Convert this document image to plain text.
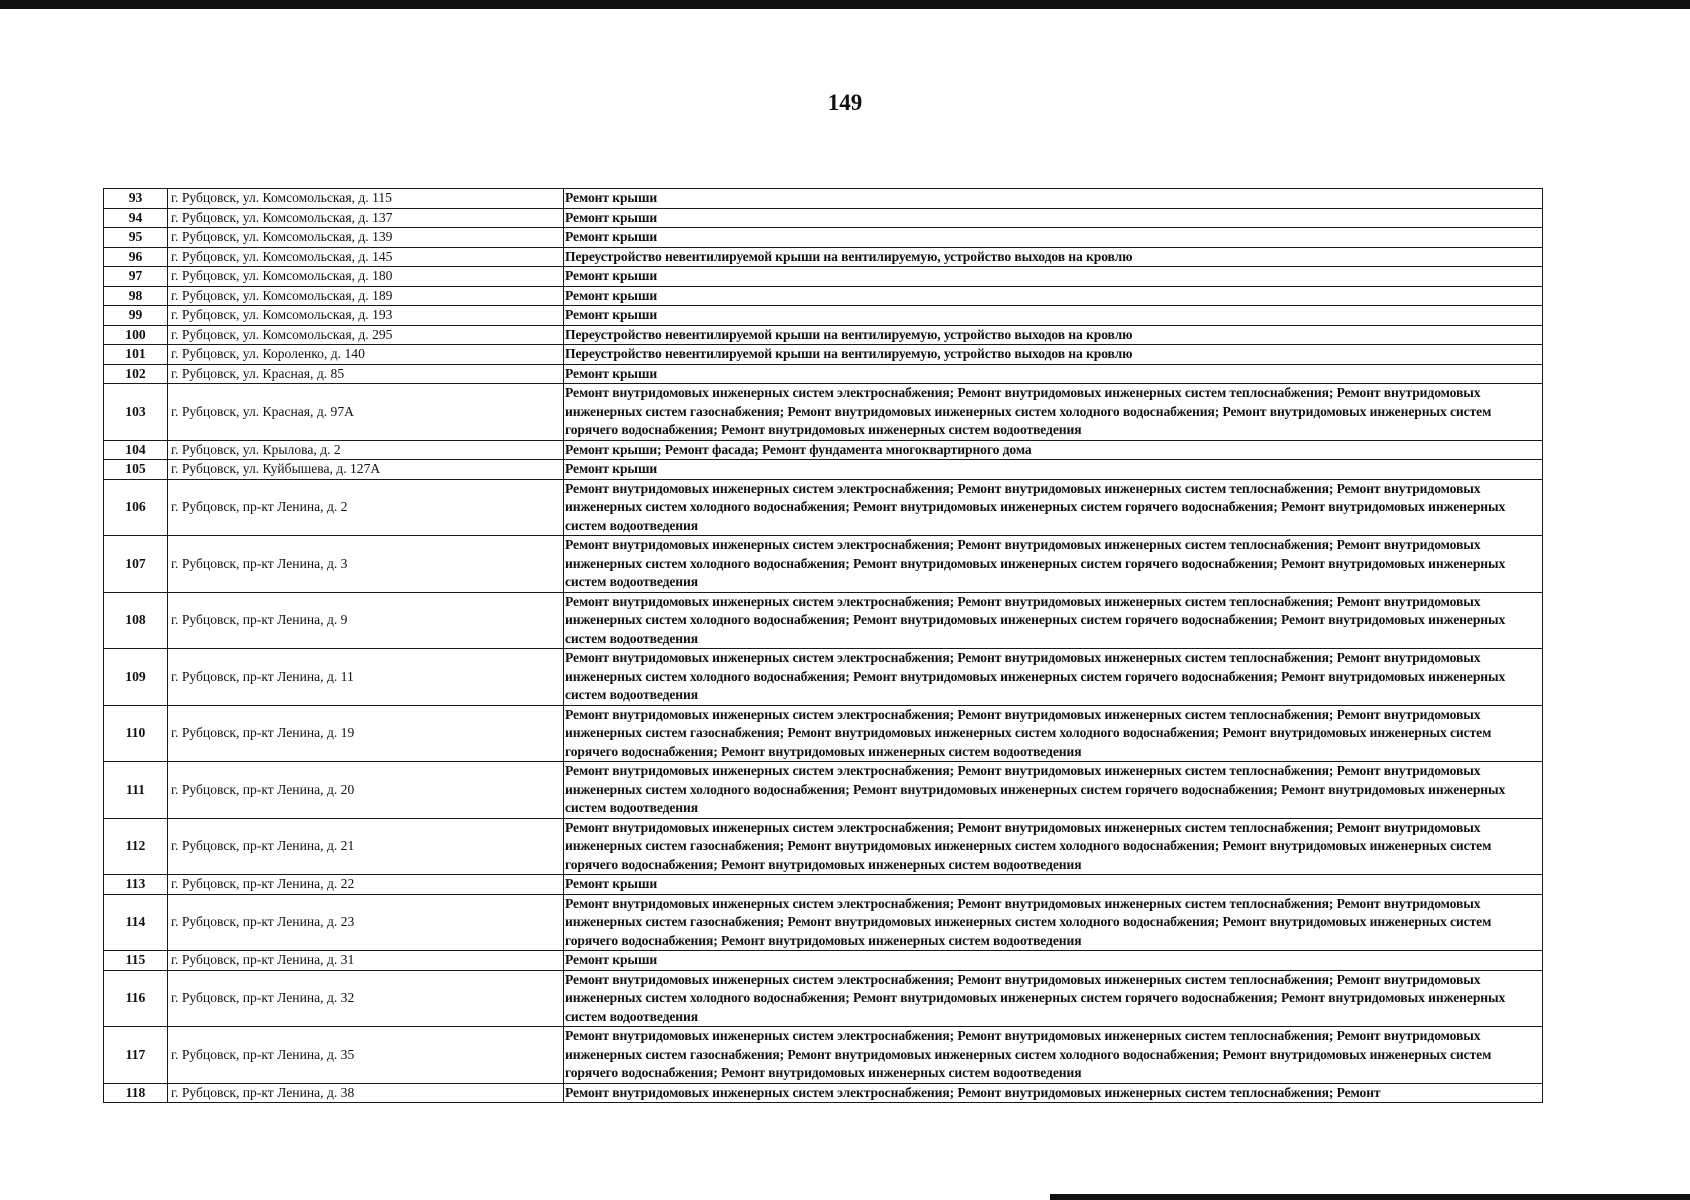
149
93	г. Рубцовск, ул. Комсомольская, д. 115	Ремонт крыши
94	г. Рубцовск, ул. Комсомольская, д. 137	Ремонт крыши
95	г. Рубцовск, ул. Комсомольская, д. 139	Ремонт крыши
96	г. Рубцовск, ул. Комсомольская, д. 145	Переустройство невентилируемой крыши на вентилируемую, устройство выходов на кровлю
97	г. Рубцовск, ул. Комсомольская, д. 180	Ремонт крыши
98	г. Рубцовск, ул. Комсомольская, д. 189	Ремонт крыши
99	г. Рубцовск, ул. Комсомольская, д. 193	Ремонт крыши
100	г. Рубцовск, ул. Комсомольская, д. 295	Переустройство невентилируемой крыши на вентилируемую, устройство выходов на кровлю
101	г. Рубцовск, ул. Короленко, д. 140	Переустройство невентилируемой крыши на вентилируемую, устройство выходов на кровлю
102	г. Рубцовск, ул. Красная, д. 85	Ремонт крыши
103	г. Рубцовск, ул. Красная, д. 97А	Ремонт внутридомовых инженерных систем электроснабжения; Ремонт внутридомовых инженерных систем теплоснабжения; Ремонт внутридомовых инженерных систем газоснабжения; Ремонт внутридомовых инженерных систем холодного водоснабжения; Ремонт внутридомовых инженерных систем горячего водоснабжения; Ремонт внутридомовых инженерных систем водоотведения
104	г. Рубцовск, ул. Крылова, д. 2	Ремонт крыши; Ремонт фасада; Ремонт фундамента многоквартирного дома
105	г. Рубцовск, ул. Куйбышева, д. 127А	Ремонт крыши
106	г. Рубцовск, пр-кт Ленина, д. 2	Ремонт внутридомовых инженерных систем электроснабжения; Ремонт внутридомовых инженерных систем теплоснабжения; Ремонт внутридомовых инженерных систем холодного водоснабжения; Ремонт внутридомовых инженерных систем горячего водоснабжения; Ремонт внутридомовых инженерных систем водоотведения
107	г. Рубцовск, пр-кт Ленина, д. 3	Ремонт внутридомовых инженерных систем электроснабжения; Ремонт внутридомовых инженерных систем теплоснабжения; Ремонт внутридомовых инженерных систем холодного водоснабжения; Ремонт внутридомовых инженерных систем горячего водоснабжения; Ремонт внутридомовых инженерных систем водоотведения
108	г. Рубцовск, пр-кт Ленина, д. 9	Ремонт внутридомовых инженерных систем электроснабжения; Ремонт внутридомовых инженерных систем теплоснабжения; Ремонт внутридомовых инженерных систем холодного водоснабжения; Ремонт внутридомовых инженерных систем горячего водоснабжения; Ремонт внутридомовых инженерных систем водоотведения
109	г. Рубцовск, пр-кт Ленина, д. 11	Ремонт внутридомовых инженерных систем электроснабжения; Ремонт внутридомовых инженерных систем теплоснабжения; Ремонт внутридомовых инженерных систем холодного водоснабжения; Ремонт внутридомовых инженерных систем горячего водоснабжения; Ремонт внутридомовых инженерных систем водоотведения
110	г. Рубцовск, пр-кт Ленина, д. 19	Ремонт внутридомовых инженерных систем электроснабжения; Ремонт внутридомовых инженерных систем теплоснабжения; Ремонт внутридомовых инженерных систем газоснабжения; Ремонт внутридомовых инженерных систем холодного водоснабжения; Ремонт внутридомовых инженерных систем горячего водоснабжения; Ремонт внутридомовых инженерных систем водоотведения
111	г. Рубцовск, пр-кт Ленина, д. 20	Ремонт внутридомовых инженерных систем электроснабжения; Ремонт внутридомовых инженерных систем теплоснабжения; Ремонт внутридомовых инженерных систем холодного водоснабжения; Ремонт внутридомовых инженерных систем горячего водоснабжения; Ремонт внутридомовых инженерных систем водоотведения
112	г. Рубцовск, пр-кт Ленина, д. 21	Ремонт внутридомовых инженерных систем электроснабжения; Ремонт внутридомовых инженерных систем теплоснабжения; Ремонт внутридомовых инженерных систем газоснабжения; Ремонт внутридомовых инженерных систем холодного водоснабжения; Ремонт внутридомовых инженерных систем горячего водоснабжения; Ремонт внутридомовых инженерных систем водоотведения
113	г. Рубцовск, пр-кт Ленина, д. 22	Ремонт крыши
114	г. Рубцовск, пр-кт Ленина, д. 23	Ремонт внутридомовых инженерных систем электроснабжения; Ремонт внутридомовых инженерных систем теплоснабжения; Ремонт внутридомовых инженерных систем газоснабжения; Ремонт внутридомовых инженерных систем холодного водоснабжения; Ремонт внутридомовых инженерных систем горячего водоснабжения; Ремонт внутридомовых инженерных систем водоотведения
115	г. Рубцовск, пр-кт Ленина, д. 31	Ремонт крыши
116	г. Рубцовск, пр-кт Ленина, д. 32	Ремонт внутридомовых инженерных систем электроснабжения; Ремонт внутридомовых инженерных систем теплоснабжения; Ремонт внутридомовых инженерных систем холодного водоснабжения; Ремонт внутридомовых инженерных систем горячего водоснабжения; Ремонт внутридомовых инженерных систем водоотведения
117	г. Рубцовск, пр-кт Ленина, д. 35	Ремонт внутридомовых инженерных систем электроснабжения; Ремонт внутридомовых инженерных систем теплоснабжения; Ремонт внутридомовых инженерных систем газоснабжения; Ремонт внутридомовых инженерных систем холодного водоснабжения; Ремонт внутридомовых инженерных систем горячего водоснабжения; Ремонт внутридомовых инженерных систем водоотведения
118	г. Рубцовск, пр-кт Ленина, д. 38	Ремонт внутридомовых инженерных систем электроснабжения; Ремонт внутридомовых инженерных систем теплоснабжения; Ремонт
